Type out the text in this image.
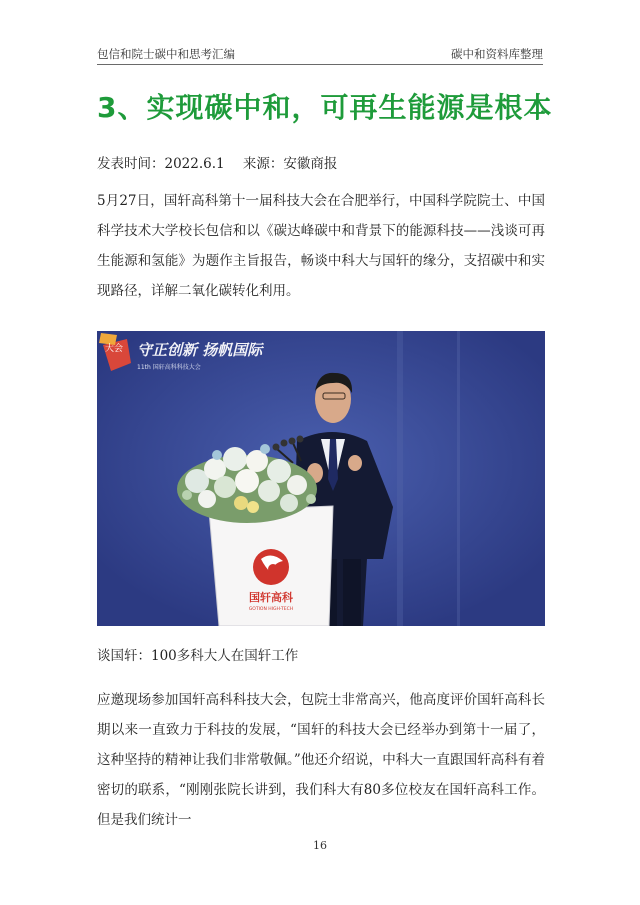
包信和院士碳中和思考汇编	碳中和资料库整理
3、实现碳中和，可再生能源是根本
发表时间：2022.6.1 来源：安徽商报
5月27日，国轩高科第十一届科技大会在合肥举行，中国科学院院士、中国科学技术大学校长包信和以《碳达峰碳中和背景下的能源科技——浅谈可再生能源和氢能》为题作主旨报告，畅谈中科大与国轩的缘分，支招碳中和实现路径，详解二氧化碳转化利用。
大会 守正创新 扬帆国际
11th 国轩高科科技大会
国轩高科
GOTION HIGH-TECH
谈国轩：100多科大人在国轩工作
应邀现场参加国轩高科科技大会，包院士非常高兴，他高度评价国轩高科长期以来一直致力于科技的发展，“国轩的科技大会已经举办到第十一届了，这种坚持的精神让我们非常敬佩。”他还介绍说，中科大一直跟国轩高科有着密切的联系，“刚刚张院长讲到，我们科大有80多位校友在国轩高科工作。但是我们统计一
16
